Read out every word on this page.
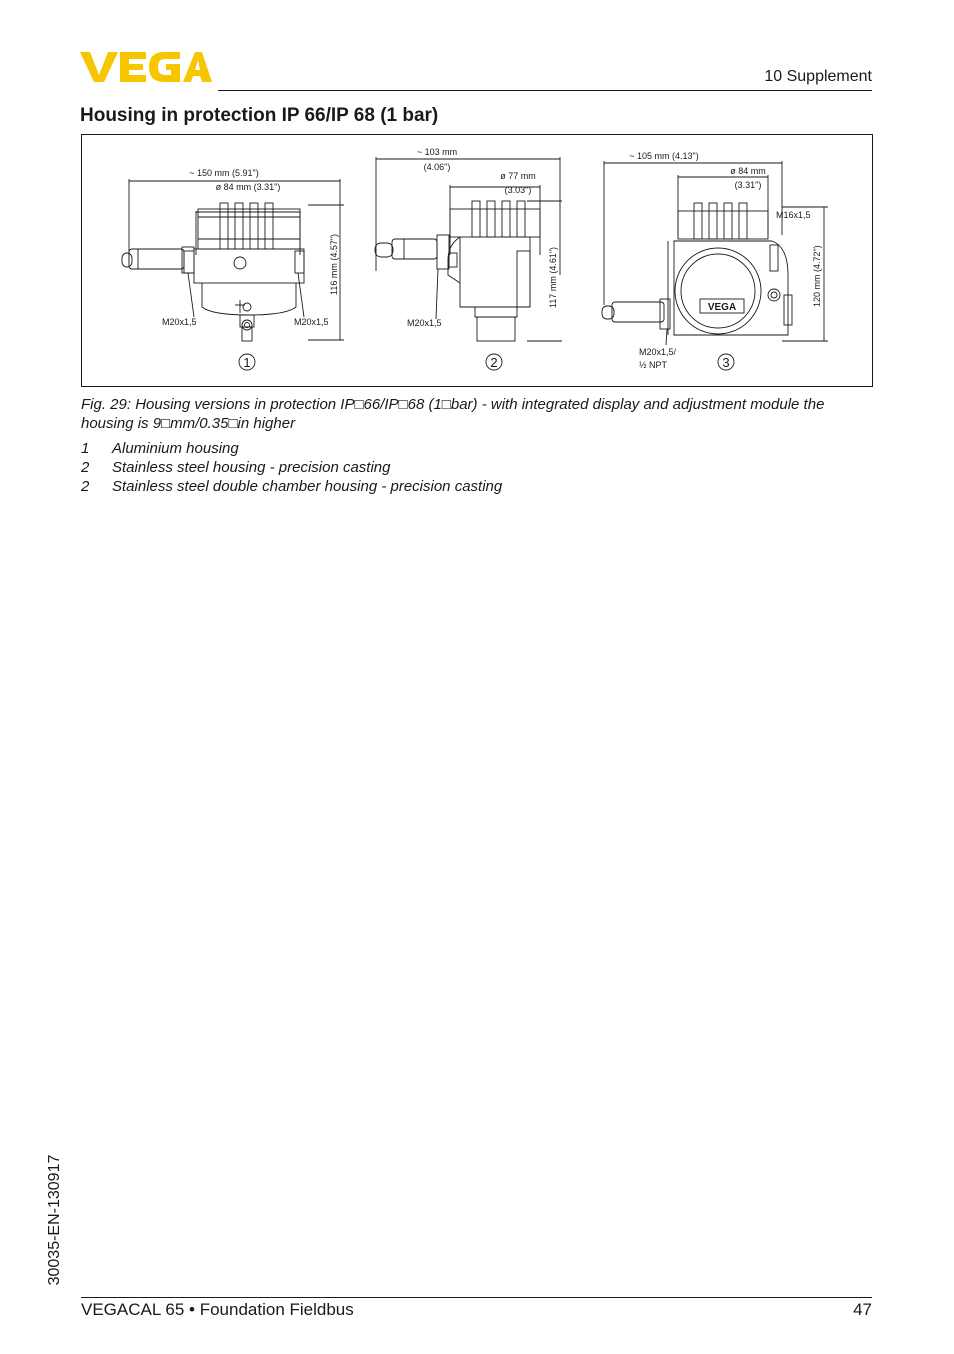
10 Supplement
Housing in protection IP 66/IP 68 (1 bar)
1	2	3
~ 150 mm (5.91")
ø 84 mm (3.31")
116 mm (4.57")
M20x1,5	M20x1,5
~ 103 mm
(4.06")
ø 77 mm
(3.03")
117 mm (4.61")
M20x1,5
~ 105 mm (4.13")
ø 84 mm
(3.31")
M16x1,5
120 mm (4.72")
M20x1,5/
½ NPT
VEGA
Fig. 29: Housing versions in protection IP□66/IP□68 (1□bar) - with integrated display and adjustment module the housing is 9□mm/0.35□in higher
1	Aluminium housing
2	Stainless steel housing - precision casting
2	Stainless steel double chamber housing - precision casting
30035-EN-130917
VEGACAL 65 • Foundation Fieldbus	47
